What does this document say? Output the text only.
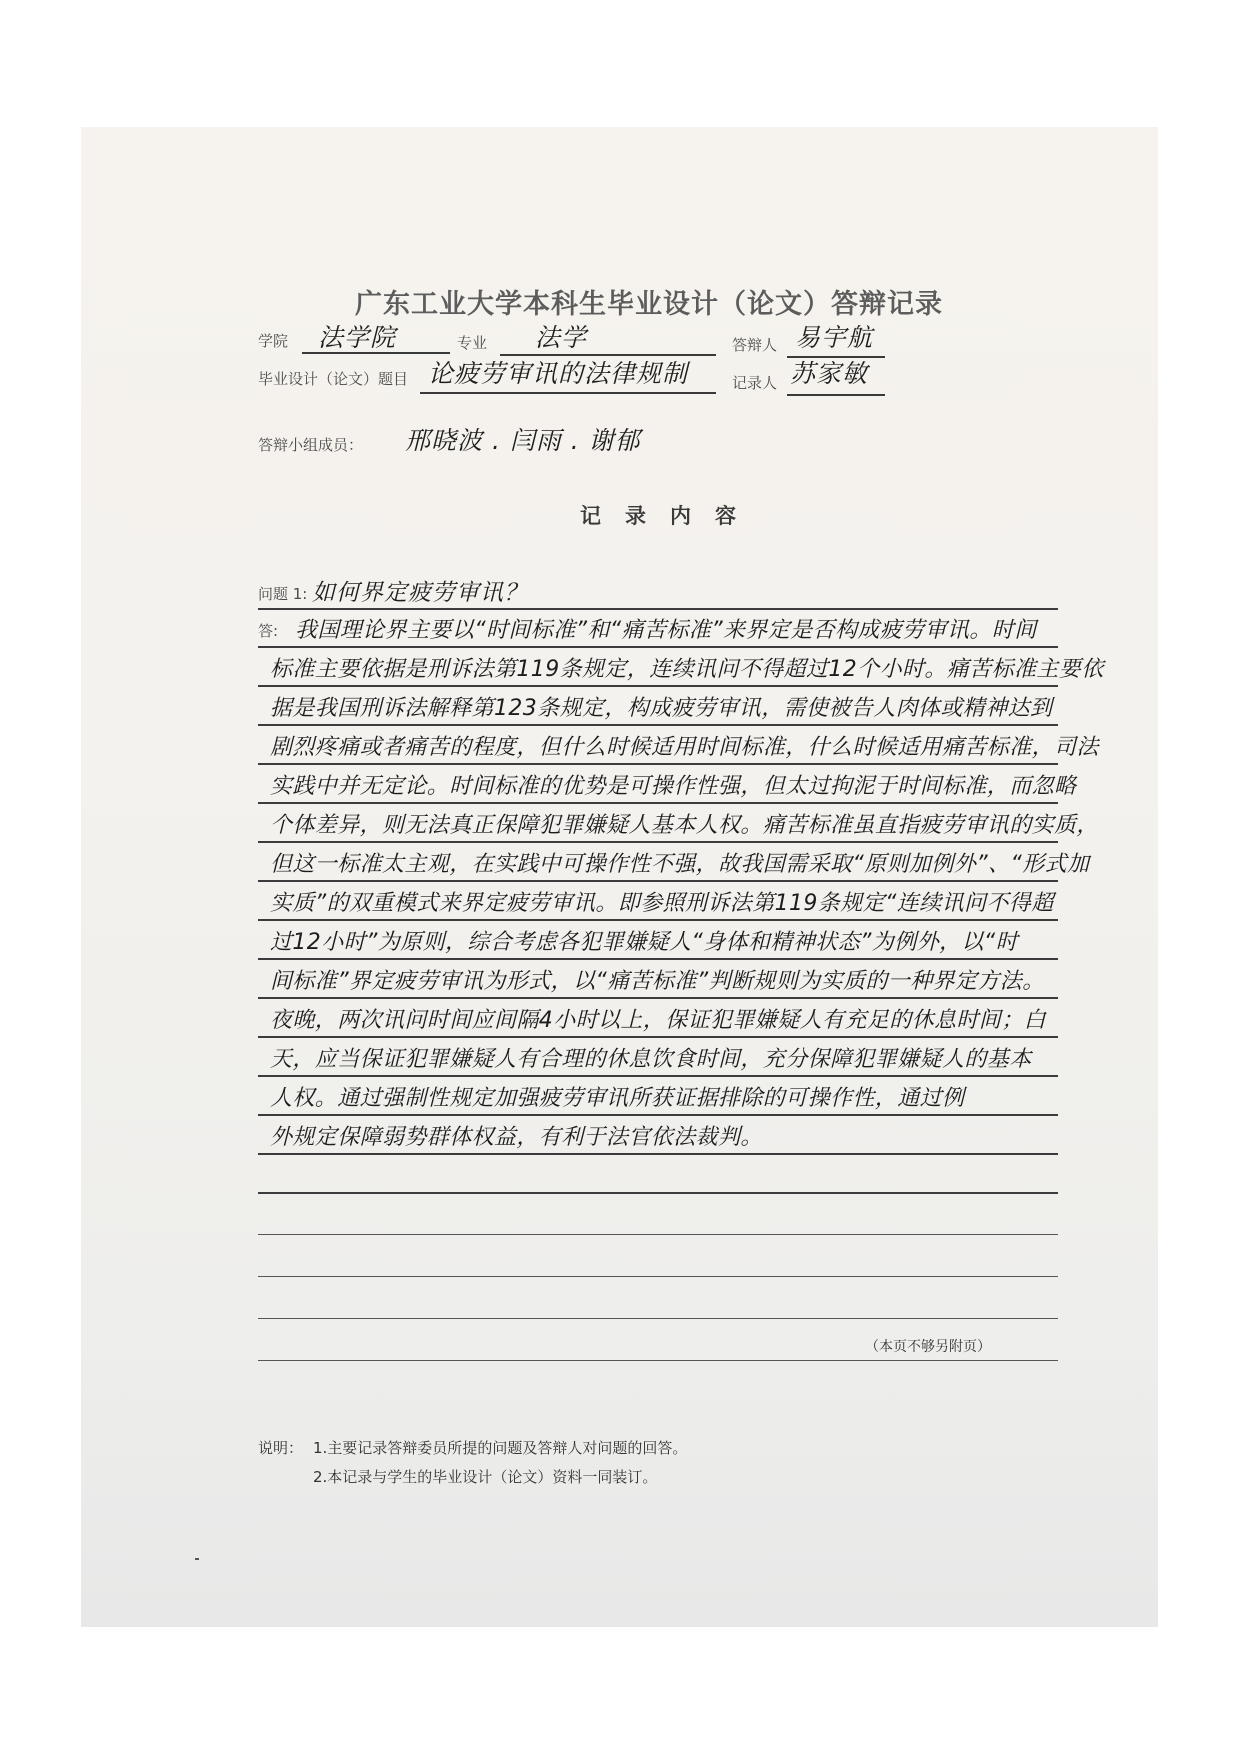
广东工业大学本科生毕业设计（论文）答辩记录
学院 法学院	专业 法学	答辩人 易宇航
毕业设计（论文）题目 论疲劳审讯的法律规制	记录人 苏家敏
答辩小组成员： 邢晓波 . 闫雨 . 谢郁
记录内容
问题 1: 如何界定疲劳审讯？
答: 我国理论界主要以“时间标准”和“痛苦标准”来界定是否构成疲劳审讯。时间
标准主要依据是刑诉法第119条规定，连续讯问不得超过12个小时。痛苦标准主要依
据是我国刑诉法解释第123条规定，构成疲劳审讯，需使被告人肉体或精神达到
剧烈疼痛或者痛苦的程度，但什么时候适用时间标准，什么时候适用痛苦标准，司法
实践中并无定论。时间标准的优势是可操作性强，但太过拘泥于时间标准，而忽略
个体差异，则无法真正保障犯罪嫌疑人基本人权。痛苦标准虽直指疲劳审讯的实质，
但这一标准太主观，在实践中可操作性不强，故我国需采取“原则加例外”、“形式加
实质”的双重模式来界定疲劳审讯。即参照刑诉法第119条规定“连续讯问不得超
过12小时”为原则，综合考虑各犯罪嫌疑人“身体和精神状态”为例外，以“时
间标准”界定疲劳审讯为形式，以“痛苦标准”判断规则为实质的一种界定方法。
夜晚，两次讯问时间应间隔4小时以上，保证犯罪嫌疑人有充足的休息时间；白
天，应当保证犯罪嫌疑人有合理的休息饮食时间，充分保障犯罪嫌疑人的基本
人权。通过强制性规定加强疲劳审讯所获证据排除的可操作性，通过例
外规定保障弱势群体权益，有利于法官依法裁判。
（本页不够另附页）
说明： 1.主要记录答辩委员所提的问题及答辩人对问题的回答。
2.本记录与学生的毕业设计（论文）资料一同装订。
